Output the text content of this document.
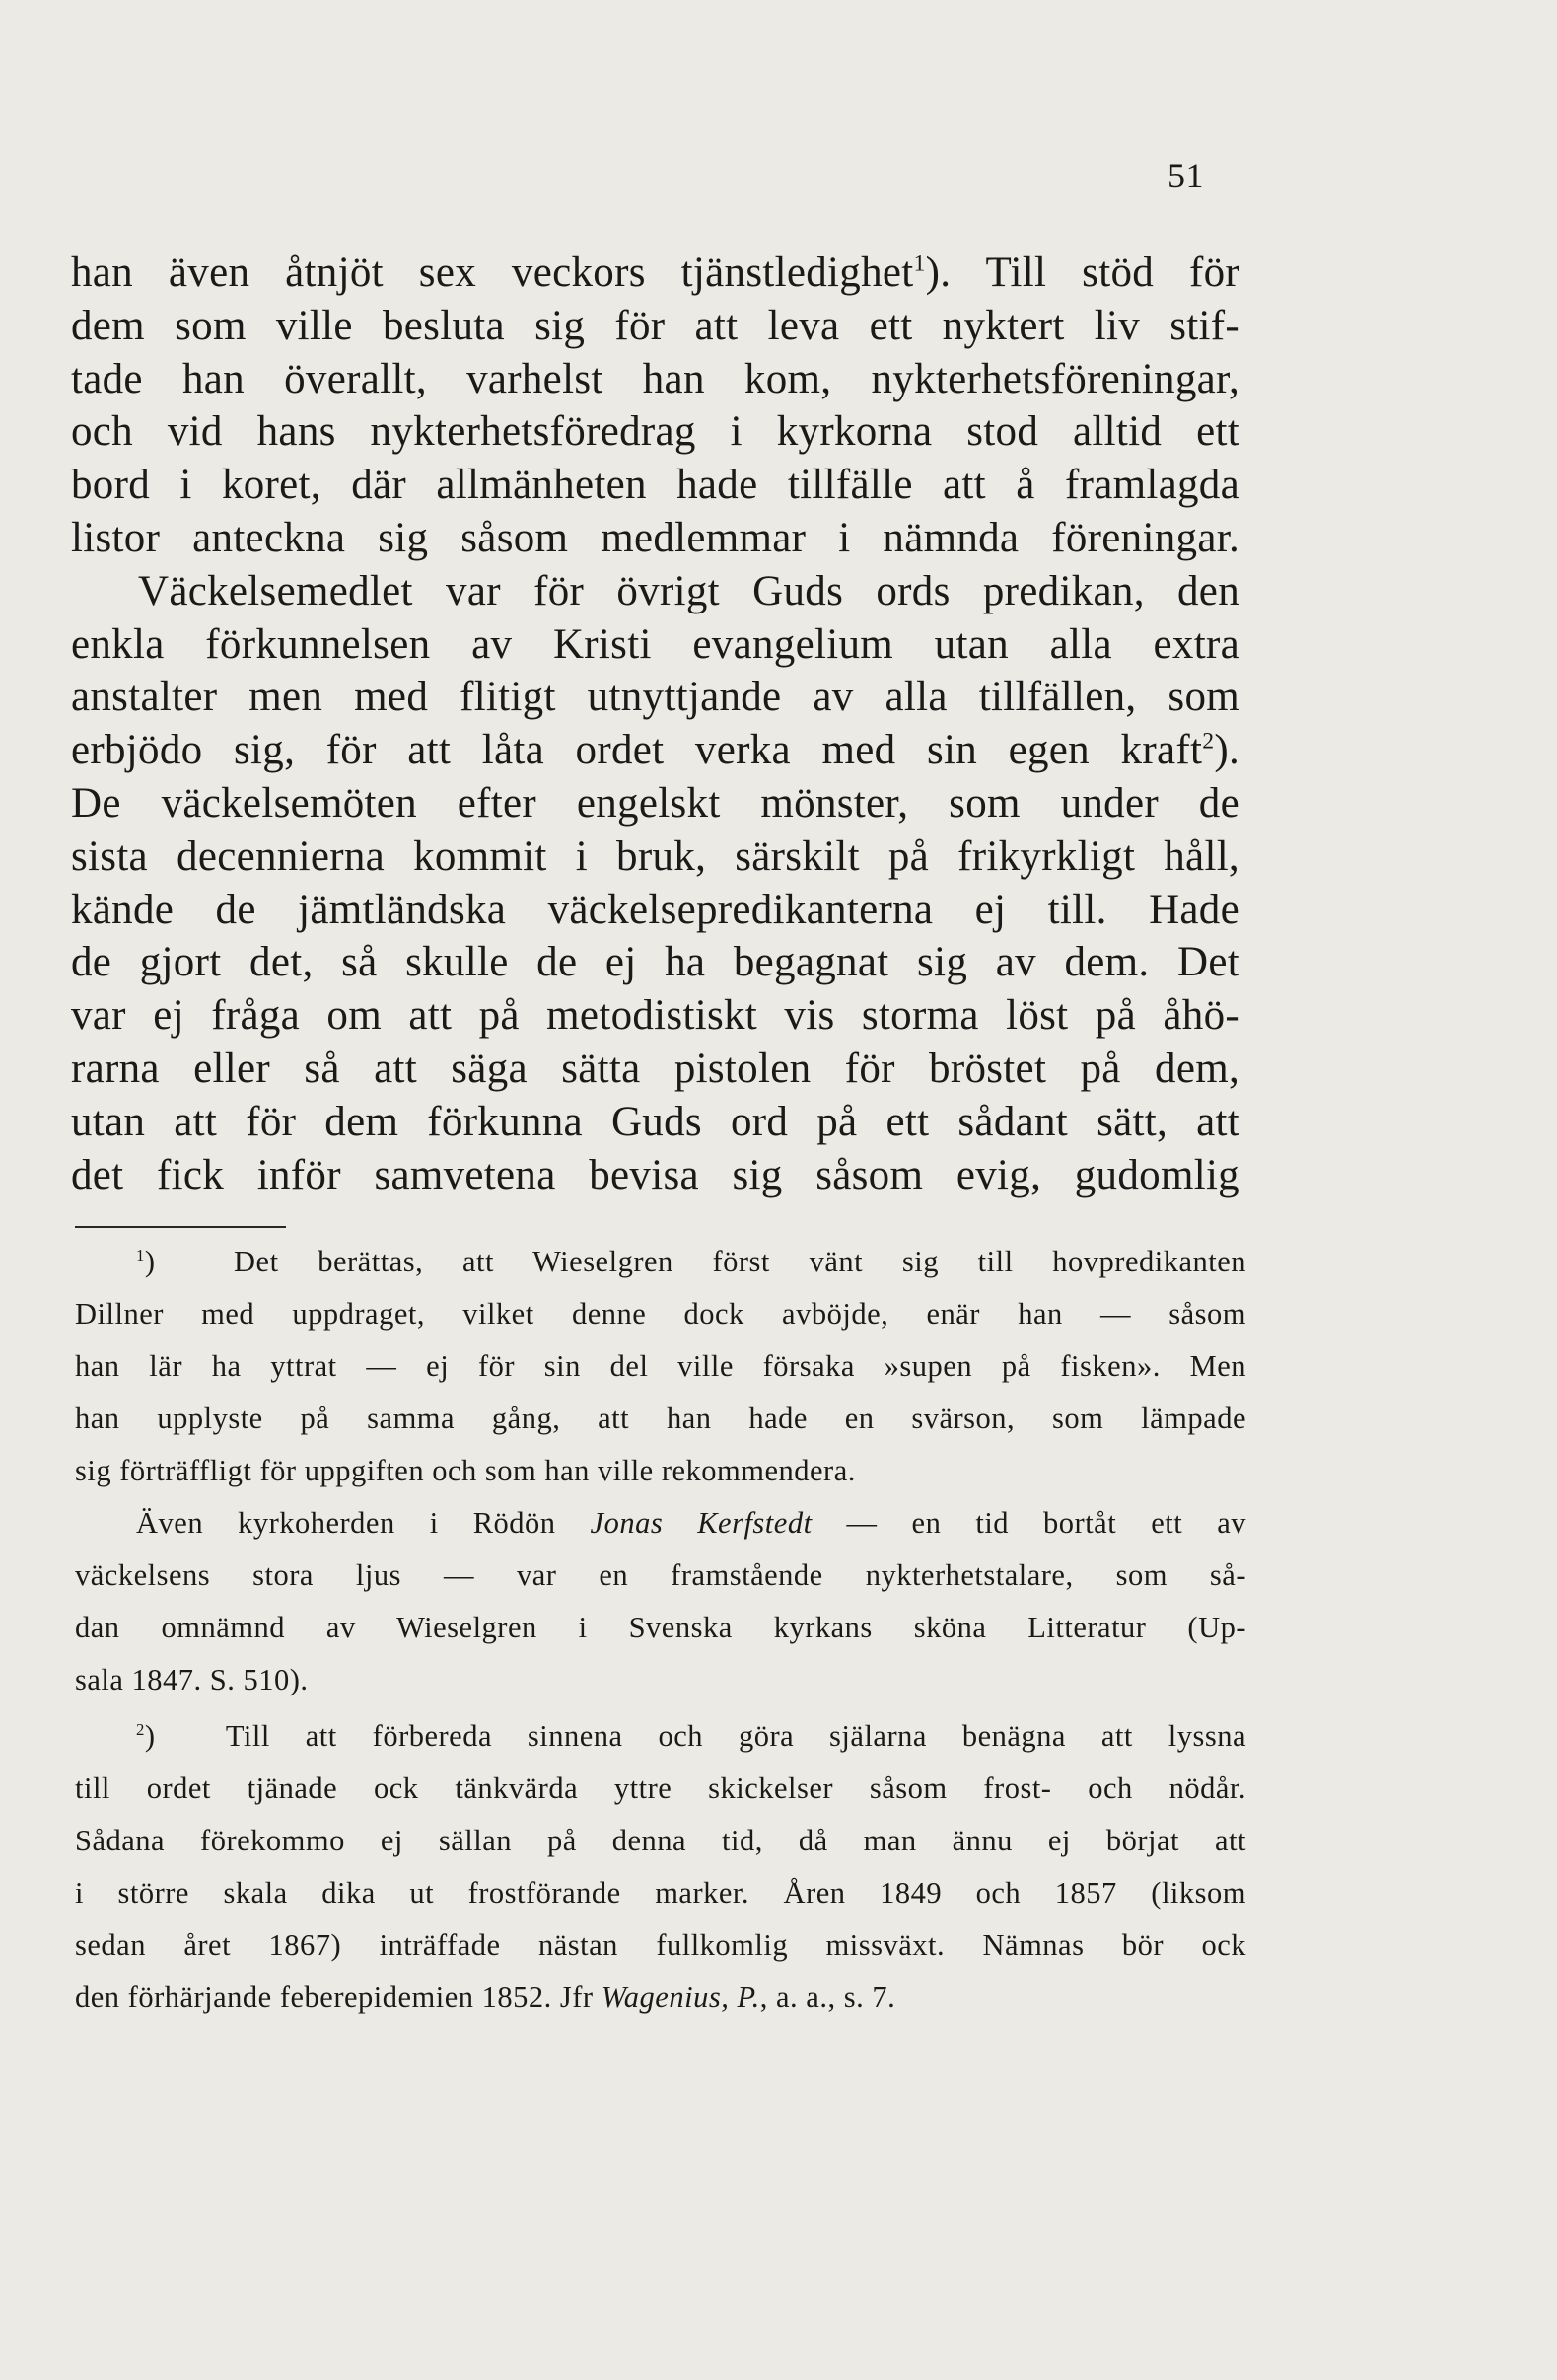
51
han även åtnjöt sex veckors tjänstledighet$^1$). Till stöd för
dem som ville besluta sig för att leva ett nyktert liv stif-
tade han överallt, varhelst han kom, nykterhetsföreningar,
och vid hans nykterhetsföredrag i kyrkorna stod alltid ett
bord i koret, där allmänheten hade tillfälle att å framlagda
listor anteckna sig såsom medlemmar i nämnda föreningar.
Väckelsemedlet var för övrigt Guds ords predikan, den
enkla förkunnelsen av Kristi evangelium utan alla extra
anstalter men med flitigt utnyttjande av alla tillfällen, som
erbjödo sig, för att låta ordet verka med sin egen kraft$^2$).
De väckelsemöten efter engelskt mönster, som under de
sista decennierna kommit i bruk, särskilt på frikyrkligt håll,
kände de jämtländska väckelsepredikanterna ej till. Hade
de gjort det, så skulle de ej ha begagnat sig av dem. Det
var ej fråga om att på metodistiskt vis storma löst på åhö-
rarna eller så att säga sätta pistolen för bröstet på dem,
utan att för dem förkunna Guds ord på ett sådant sätt, att
det fick inför samvetena bevisa sig såsom evig, gudomlig
$^1$)	Det berättas, att Wieselgren först vänt sig till hovpredikanten
Dillner med uppdraget, vilket denne dock avböjde, enär han — såsom
han lär ha yttrat — ej för sin del ville försaka »supen på fisken». Men
han upplyste på samma gång, att han hade en svärson, som lämpade
sig förträffligt för uppgiften och som han ville rekommendera.
Även kyrkoherden i Rödön Jonas Kerfstedt — en tid bortåt ett av
väckelsens stora ljus — var en framstående nykterhetstalare, som så-
dan omnämnd av Wieselgren i Svenska kyrkans sköna Litteratur (Up-
sala 1847. S. 510).
$^2$) Till att förbereda sinnena och göra själarna benägna att lyssna
till ordet tjänade ock tänkvärda yttre skickelser såsom frost- och nödår.
Sådana förekommo ej sällan på denna tid, då man ännu ej börjat att
i större skala dika ut frostförande marker. Åren 1849 och 1857 (liksom
sedan året 1867) inträffade nästan fullkomlig missväxt. Nämnas bör ock
den förhärjande feberepidemien 1852. Jfr Wagenius, P., a. a., s. 7.
